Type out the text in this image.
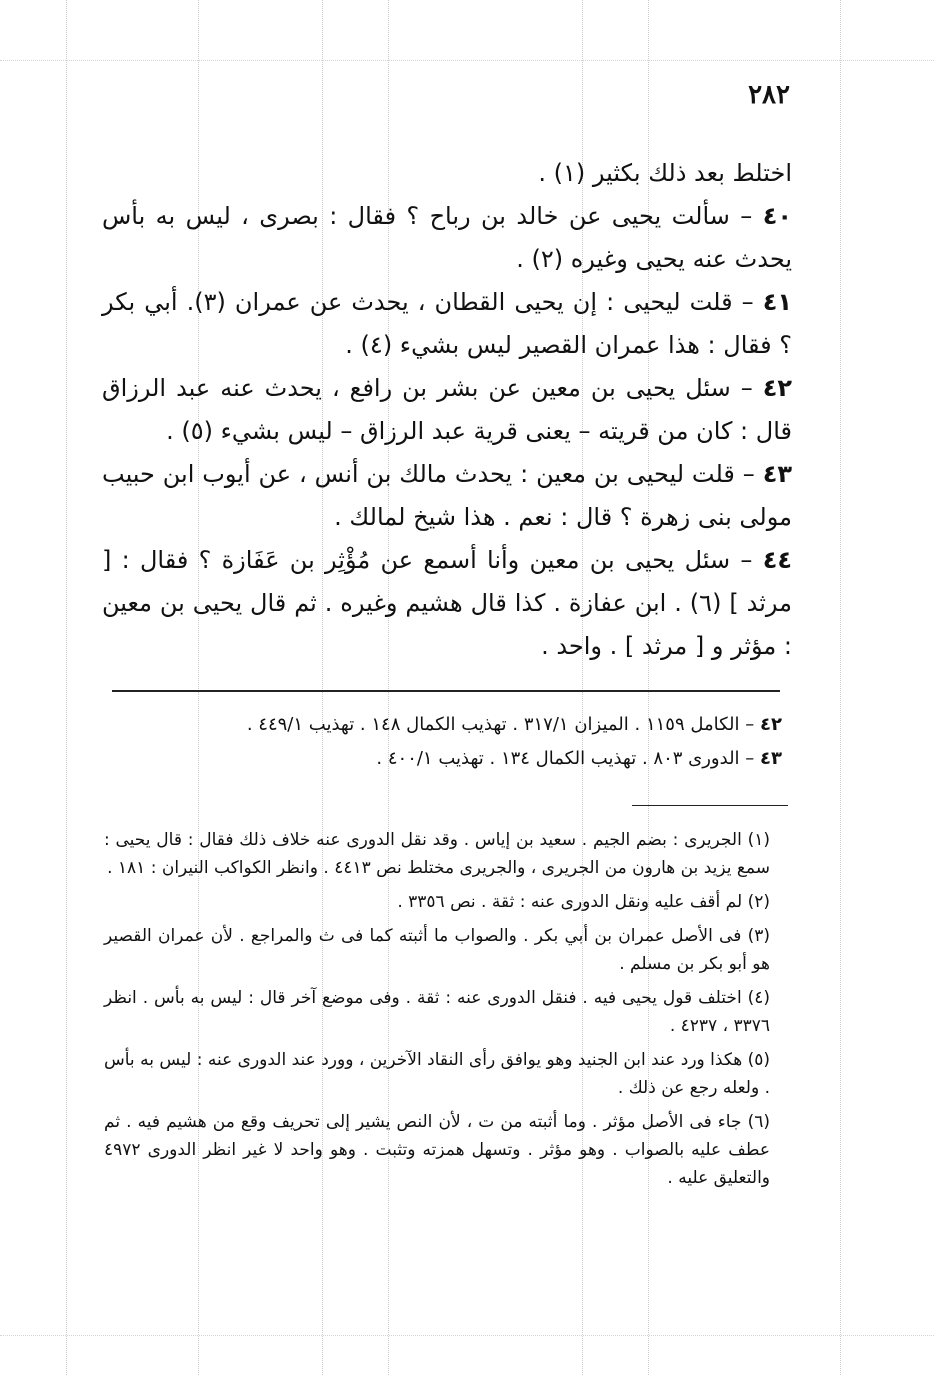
٢٨٢

اختلط بعد ذلك بكثير (١) .

٤٠ – سألت يحيى عن خالد بن رباح ؟ فقال : بصرى ، ليس به بأس يحدث عنه يحيى وغيره (٢) .

٤١ – قلت ليحيى : إن يحيى القطان ، يحدث عن عمران (٣). أبي بكر ؟ فقال : هذا عمران القصير ليس بشيء (٤) .

٤٢ – سئل يحيى بن معين عن بشر بن رافع ، يحدث عنه عبد الرزاق قال : كان من قريته – يعنى قرية عبد الرزاق – ليس بشيء (٥) .

٤٣ – قلت ليحيى بن معين : يحدث مالك بن أنس ، عن أيوب ابن حبيب مولى بنى زهرة ؟ قال : نعم . هذا شيخ لمالك .

٤٤ – سئل يحيى بن معين وأنا أسمع عن مُؤْثِر بن عَفَازة ؟ فقال : [ مرثد ] (٦) . ابن عفازة . كذا قال هشيم وغيره . ثم قال يحيى بن معين : مؤثر و [ مرثد ] . واحد .

٤٢ – الكامل ١١٥٩ . الميزان ٣١٧/١ . تهذيب الكمال ١٤٨ . تهذيب ٤٤٩/١ .

٤٣ – الدورى ٨٠٣ . تهذيب الكمال ١٣٤ . تهذيب ٤٠٠/١ .

(١) الجريرى : بضم الجيم . سعيد بن إياس . وقد نقل الدورى عنه خلاف ذلك فقال : قال يحيى : سمع يزيد بن هارون من الجريرى ، والجريرى مختلط نص ٤٤١٣ . وانظر الكواكب النيران : ١٨١ .

(٢) لم أقف عليه ونقل الدورى عنه : ثقة . نص ٣٣٥٦ .

(٣) فى الأصل عمران بن أبي بكر . والصواب ما أثبته كما فى ث والمراجع . لأن عمران القصير هو أبو بكر بن مسلم .

(٤) اختلف قول يحيى فيه . فنقل الدورى عنه : ثقة . وفى موضع آخر قال : ليس به بأس . انظر ٣٣٧٦ ، ٤٢٣٧ .

(٥) هكذا ورد عند ابن الجنيد وهو يوافق رأى النقاد الآخرين ، وورد عند الدورى عنه : ليس به بأس . ولعله رجع عن ذلك .

(٦) جاء فى الأصل مؤثر . وما أثبته من ت ، لأن النص يشير إلى تحريف وقع من هشيم فيه . ثم عطف عليه بالصواب . وهو مؤثر . وتسهل همزته وتثبت . وهو واحد لا غير انظر الدورى ٤٩٧٢ والتعليق عليه .
